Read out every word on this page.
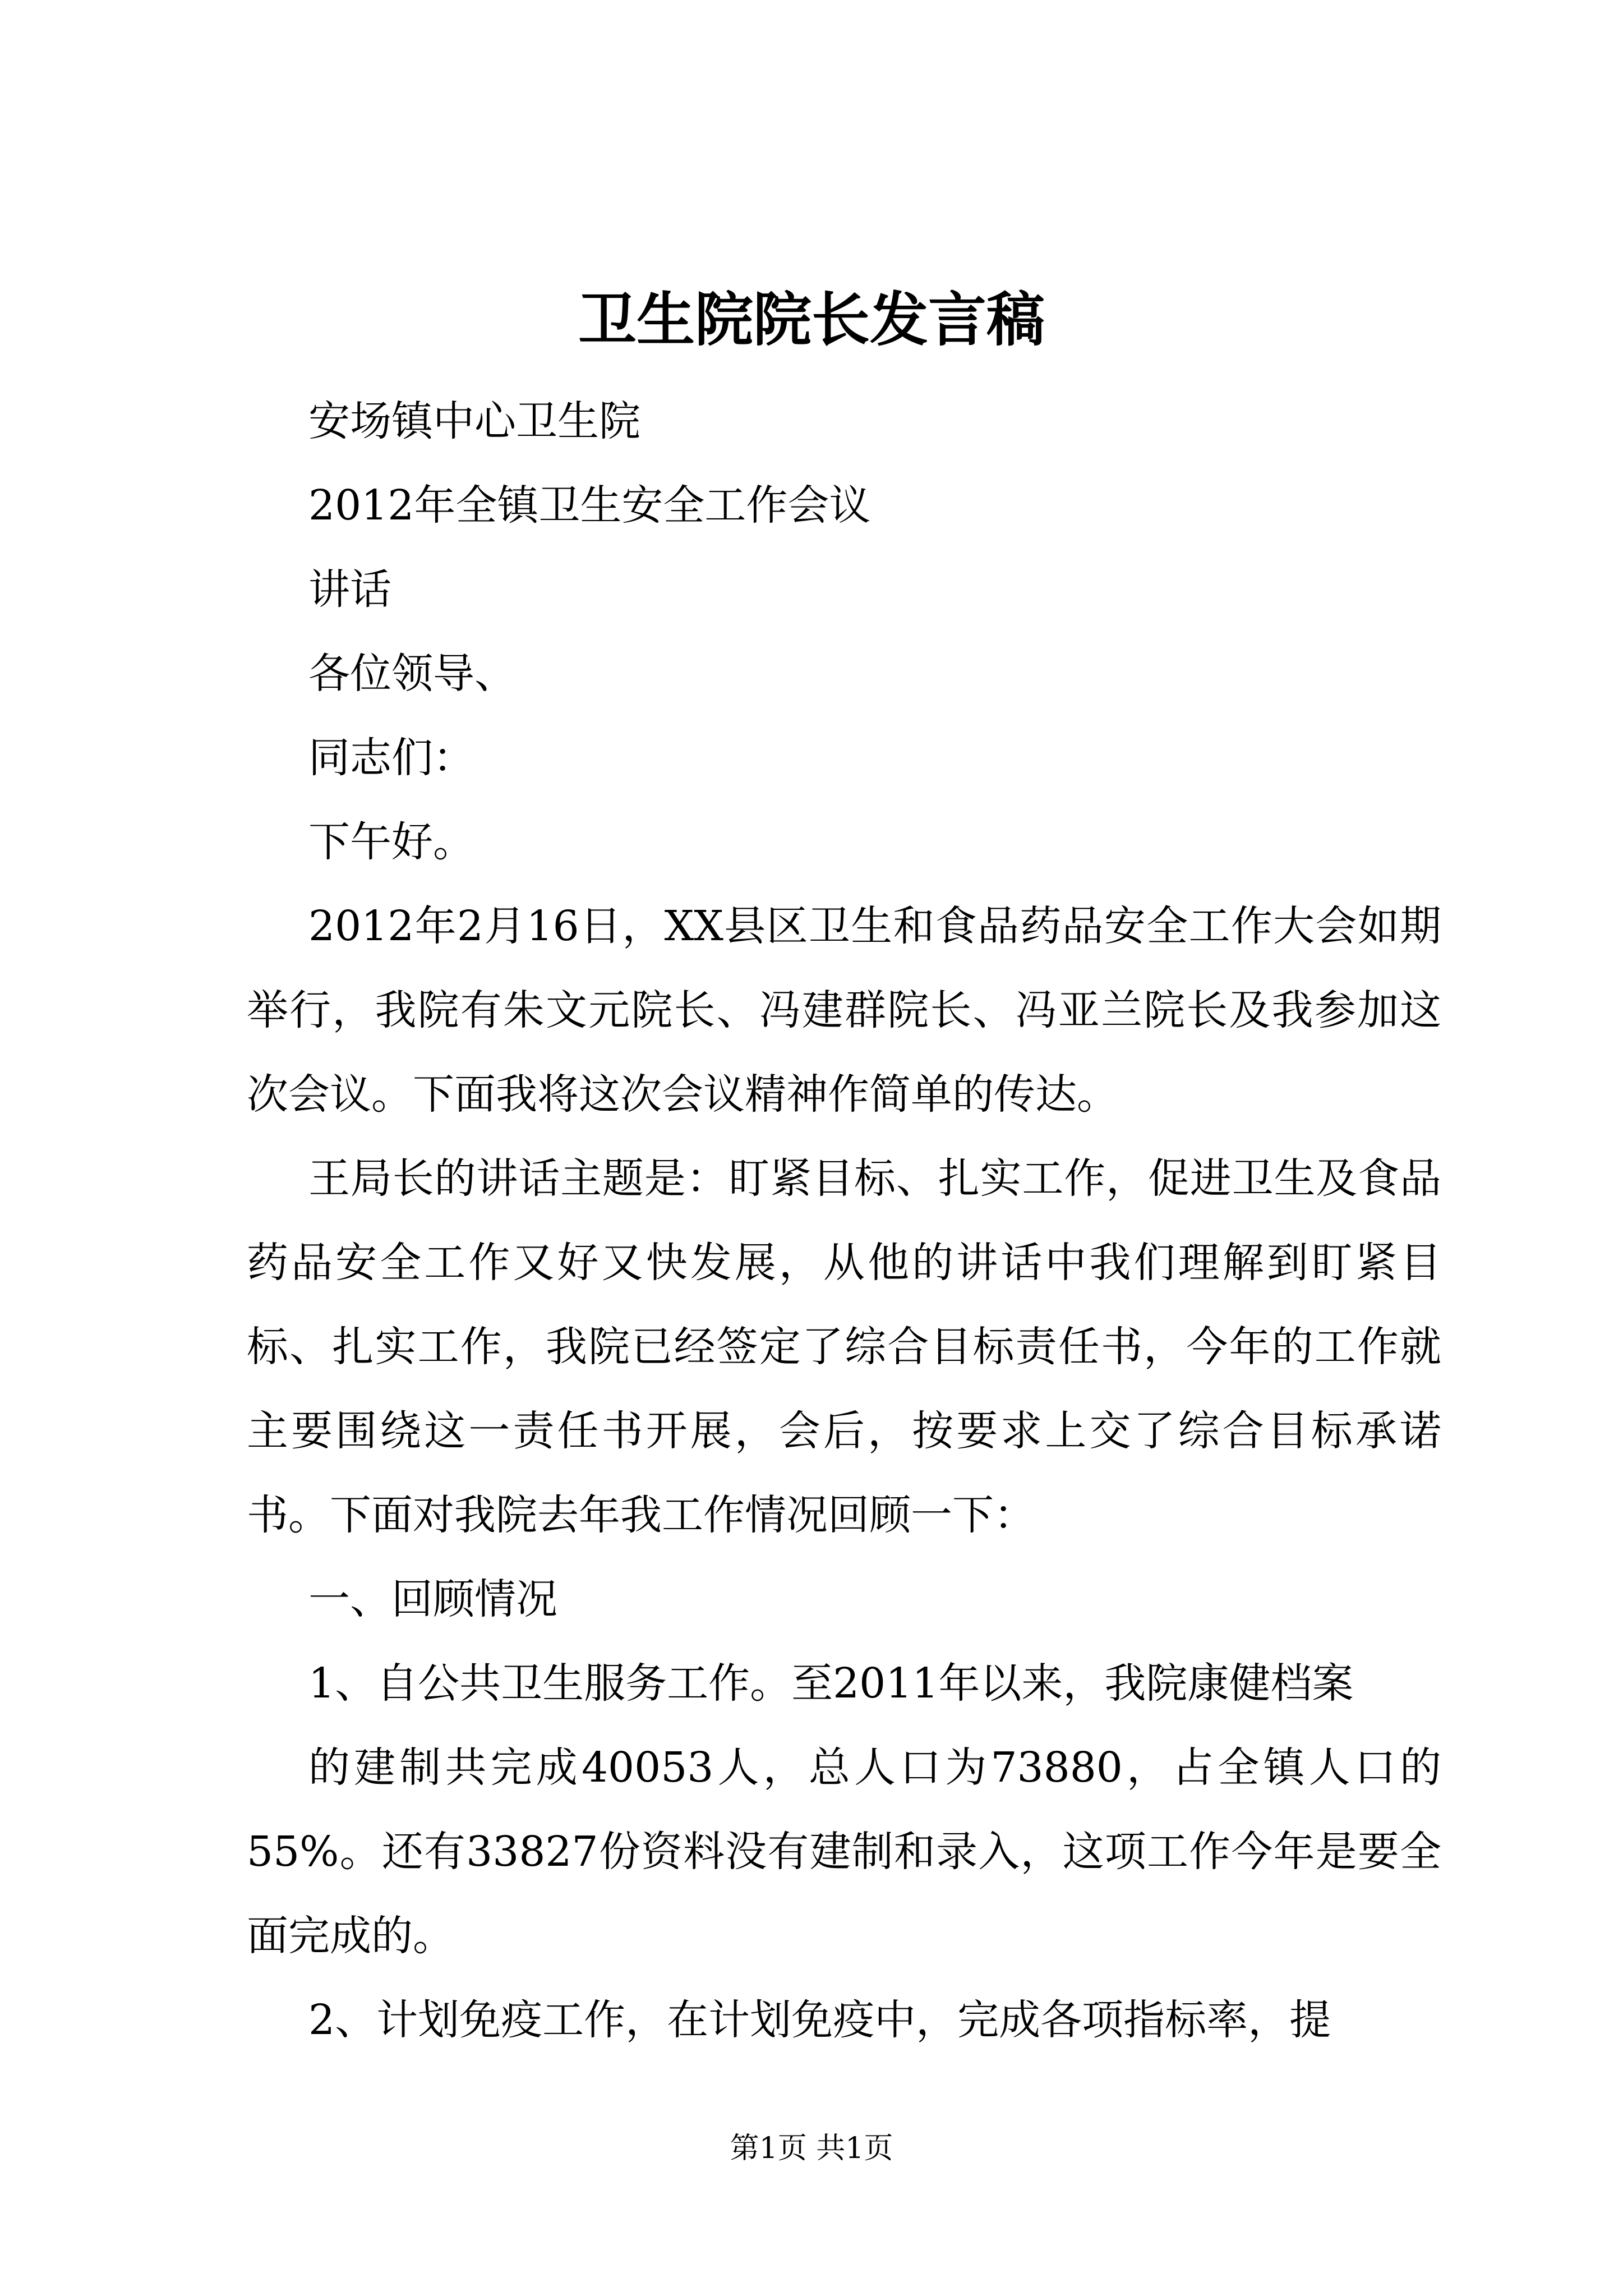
卫生院院长发言稿

安场镇中心卫生院

2012年全镇卫生安全工作会议

讲话

各位领导、

同志们：

下午好。

2012年2月16日，XX县区卫生和食品药品安全工作大会如期举行，我院有朱文元院长、冯建群院长、冯亚兰院长及我参加这次会议。下面我将这次会议精神作简单的传达。

王局长的讲话主题是：盯紧目标、扎实工作，促进卫生及食品药品安全工作又好又快发展，从他的讲话中我们理解到盯紧目标、扎实工作，我院已经签定了综合目标责任书，今年的工作就主要围绕这一责任书开展，会后，按要求上交了综合目标承诺书。下面对我院去年我工作情况回顾一下：

一、回顾情况

1、自公共卫生服务工作。至2011年以来，我院康健档案

的建制共完成40053人，总人口为73880，占全镇人口的55%。还有33827份资料没有建制和录入，这项工作今年是要全面完成的。

2、计划免疫工作，在计划免疫中，完成各项指标率，提

第1页 共1页
